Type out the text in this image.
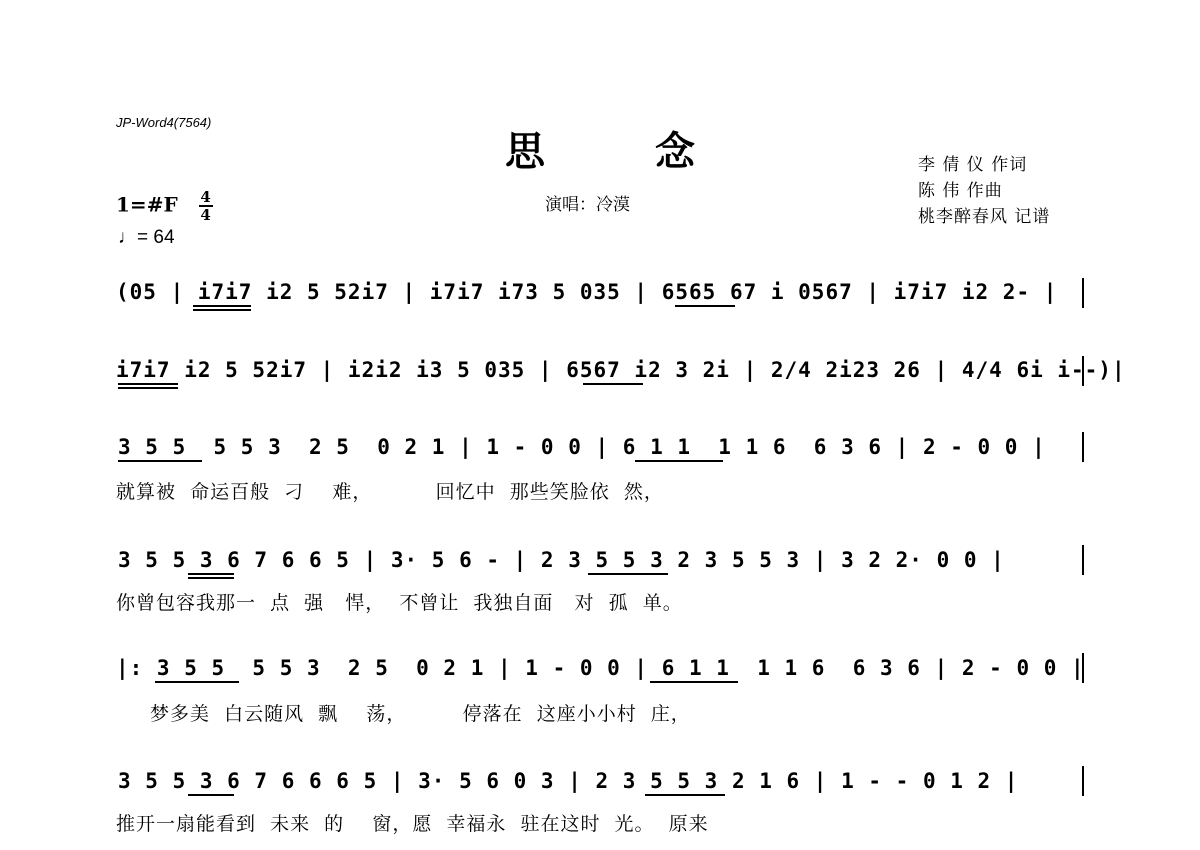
JP-Word4(7564)
思	念
演唱：冷漠
李 倩 仪 作词
陈 伟 作曲
桃李醉春风 记谱
1=#F $\frac{4}{4}$
♩= 64
(05 | i7i7 i2 5 52i7 | i7i7 i73 5 035 | 6565 67 i 0567 | i7i7 i2 2- |
i7i7 i2 5 52i7 | i2i2 i3 5 035 | 6567 i2 3 2i | 2/4 2i23 26 | 4/4 6i i--)|
3 5 5  5 5 3  2 5  0 2 1 | 1 - 0 0 | 6 1 1  1 1 6  6 3 6 | 2 - 0 0 |
就算被  命运百般  刁    难，         回忆中  那些笑脸依  然，
3 5 5 3 6 7 6 6 5 | 3· 5 6 - | 2 3 5 5 3 2 3 5 5 3 | 3 2 2· 0 0 |
你曾包容我那一  点  强   悍，  不曾让  我独自面   对  孤  单。
|: 3 5 5  5 5 3  2 5  0 2 1 | 1 - 0 0 | 6 1 1  1 1 6  6 3 6 | 2 - 0 0 |
梦多美  白云随风  飘    荡，        停落在  这座小小村  庄，
3 5 5 3 6 7 6 6 6 5 | 3· 5 6 0 3 | 2 3 5 5 3 2 1 6 | 1 - - 0 1 2 |
推开一扇能看到  未来  的    窗，愿  幸福永  驻在这时  光。  原来
